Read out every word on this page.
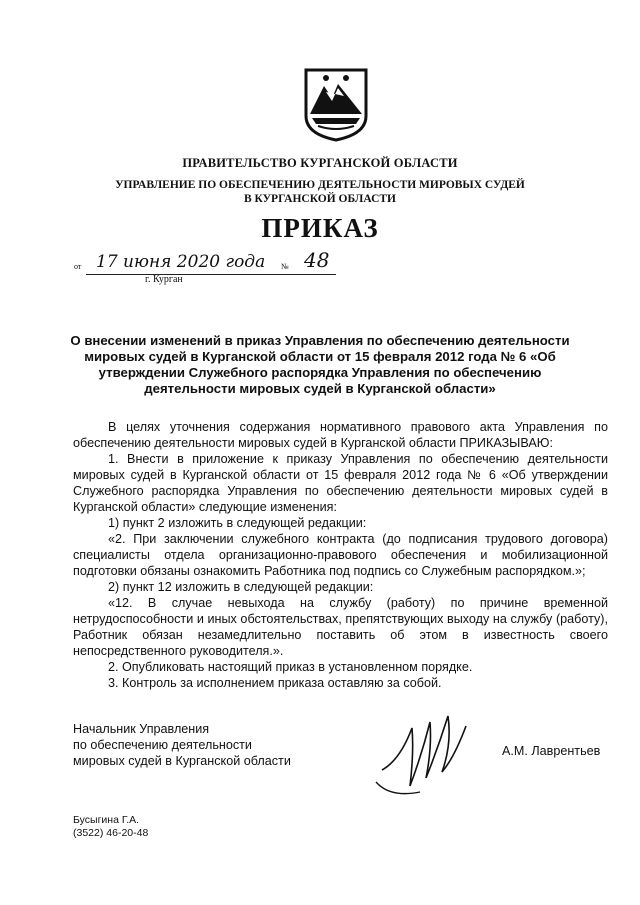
ПРАВИТЕЛЬСТВО КУРГАНСКОЙ ОБЛАСТИ
УПРАВЛЕНИЕ ПО ОБЕСПЕЧЕНИЮ ДЕЯТЕЛЬНОСТИ МИРОВЫХ СУДЕЙ
В КУРГАНСКОЙ ОБЛАСТИ
ПРИКАЗ
от 17 июня 2020 года № 48
г. Курган
О внесении изменений в приказ Управления по обеспечению деятельности мировых судей в Курганской области от 15 февраля 2012 года № 6 «Об утверждении Служебного распорядка Управления по обеспечению деятельности мировых судей в Курганской области»

В целях уточнения содержания нормативного правового акта Управления по обеспечению деятельности мировых судей в Курганской области ПРИКАЗЫВАЮ:

1. Внести в приложение к приказу Управления по обеспечению деятельности мировых судей в Курганской области от 15 февраля 2012 года № 6 «Об утверждении Служебного распорядка Управления по обеспечению деятельности мировых судей в Курганской области» следующие изменения:

1) пункт 2 изложить в следующей редакции:

«2. При заключении служебного контракта (до подписания трудового договора) специалисты отдела организационно-правового обеспечения и мобилизационной подготовки обязаны ознакомить Работника под подпись со Служебным распорядком.»;

2) пункт 12 изложить в следующей редакции:

«12. В случае невыхода на службу (работу) по причине временной нетрудоспособности и иных обстоятельствах, препятствующих выходу на службу (работу), Работник обязан незамедлительно поставить об этом в известность своего непосредственного руководителя.».

2. Опубликовать настоящий приказ в установленном порядке.

3. Контроль за исполнением приказа оставляю за собой.

Начальник Управления
по обеспечению деятельности
мировых судей в Курганской области
А.М. Лаврентьев
Бусыгина Г.А.
(3522) 46-20-48
